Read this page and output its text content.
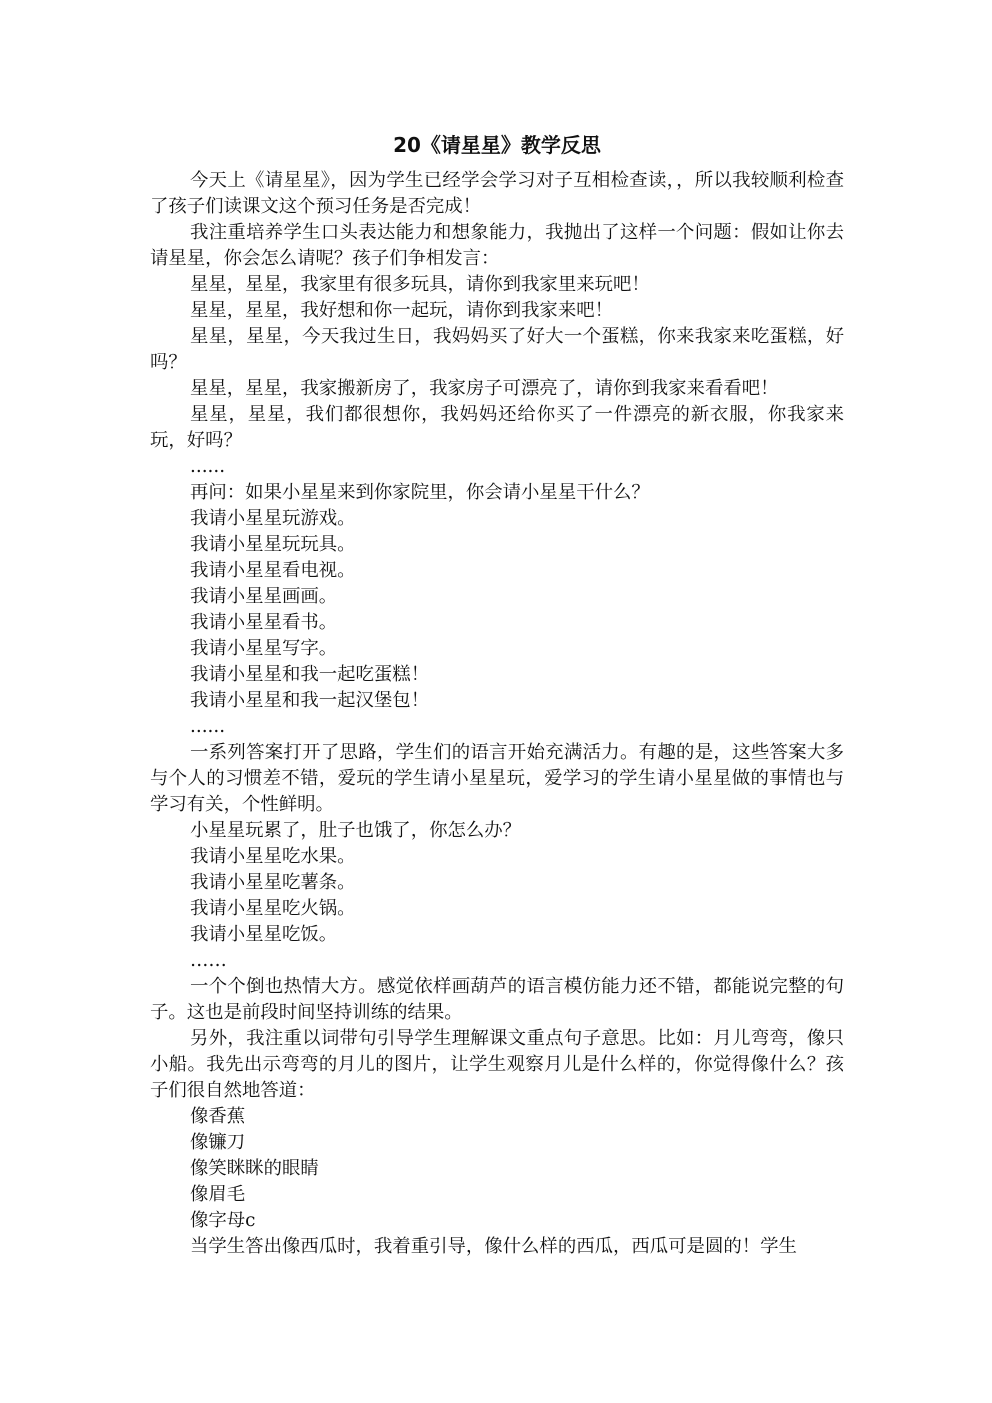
20《请星星》教学反思

今天上《请星星》，因为学生已经学会学习对子互相检查读，，所以我较顺利检查了孩子们读课文这个预习任务是否完成！

我注重培养学生口头表达能力和想象能力，我抛出了这样一个问题：假如让你去请星星，你会怎么请呢？孩子们争相发言：

星星，星星，我家里有很多玩具，请你到我家里来玩吧！

星星，星星，我好想和你一起玩，请你到我家来吧！

星星，星星，今天我过生日，我妈妈买了好大一个蛋糕，你来我家来吃蛋糕，好吗？

星星，星星，我家搬新房了，我家房子可漂亮了，请你到我家来看看吧！

星星，星星，我们都很想你，我妈妈还给你买了一件漂亮的新衣服，你我家来玩，好吗？

......

再问：如果小星星来到你家院里，你会请小星星干什么？

我请小星星玩游戏。

我请小星星玩玩具。

我请小星星看电视。

我请小星星画画。

我请小星星看书。

我请小星星写字。

我请小星星和我一起吃蛋糕！

我请小星星和我一起汉堡包！

......

一系列答案打开了思路，学生们的语言开始充满活力。有趣的是，这些答案大多与个人的习惯差不错，爱玩的学生请小星星玩，爱学习的学生请小星星做的事情也与学习有关，个性鲜明。

小星星玩累了，肚子也饿了，你怎么办？

我请小星星吃水果。

我请小星星吃薯条。

我请小星星吃火锅。

我请小星星吃饭。

……

一个个倒也热情大方。感觉依样画葫芦的语言模仿能力还不错，都能说完整的句子。这也是前段时间坚持训练的结果。

另外，我注重以词带句引导学生理解课文重点句子意思。比如：月儿弯弯，像只小船。我先出示弯弯的月儿的图片，让学生观察月儿是什么样的，你觉得像什么？孩子们很自然地答道：

像香蕉

像镰刀

像笑眯眯的眼睛

像眉毛

像字母c

当学生答出像西瓜时，我着重引导，像什么样的西瓜，西瓜可是圆的！学生
